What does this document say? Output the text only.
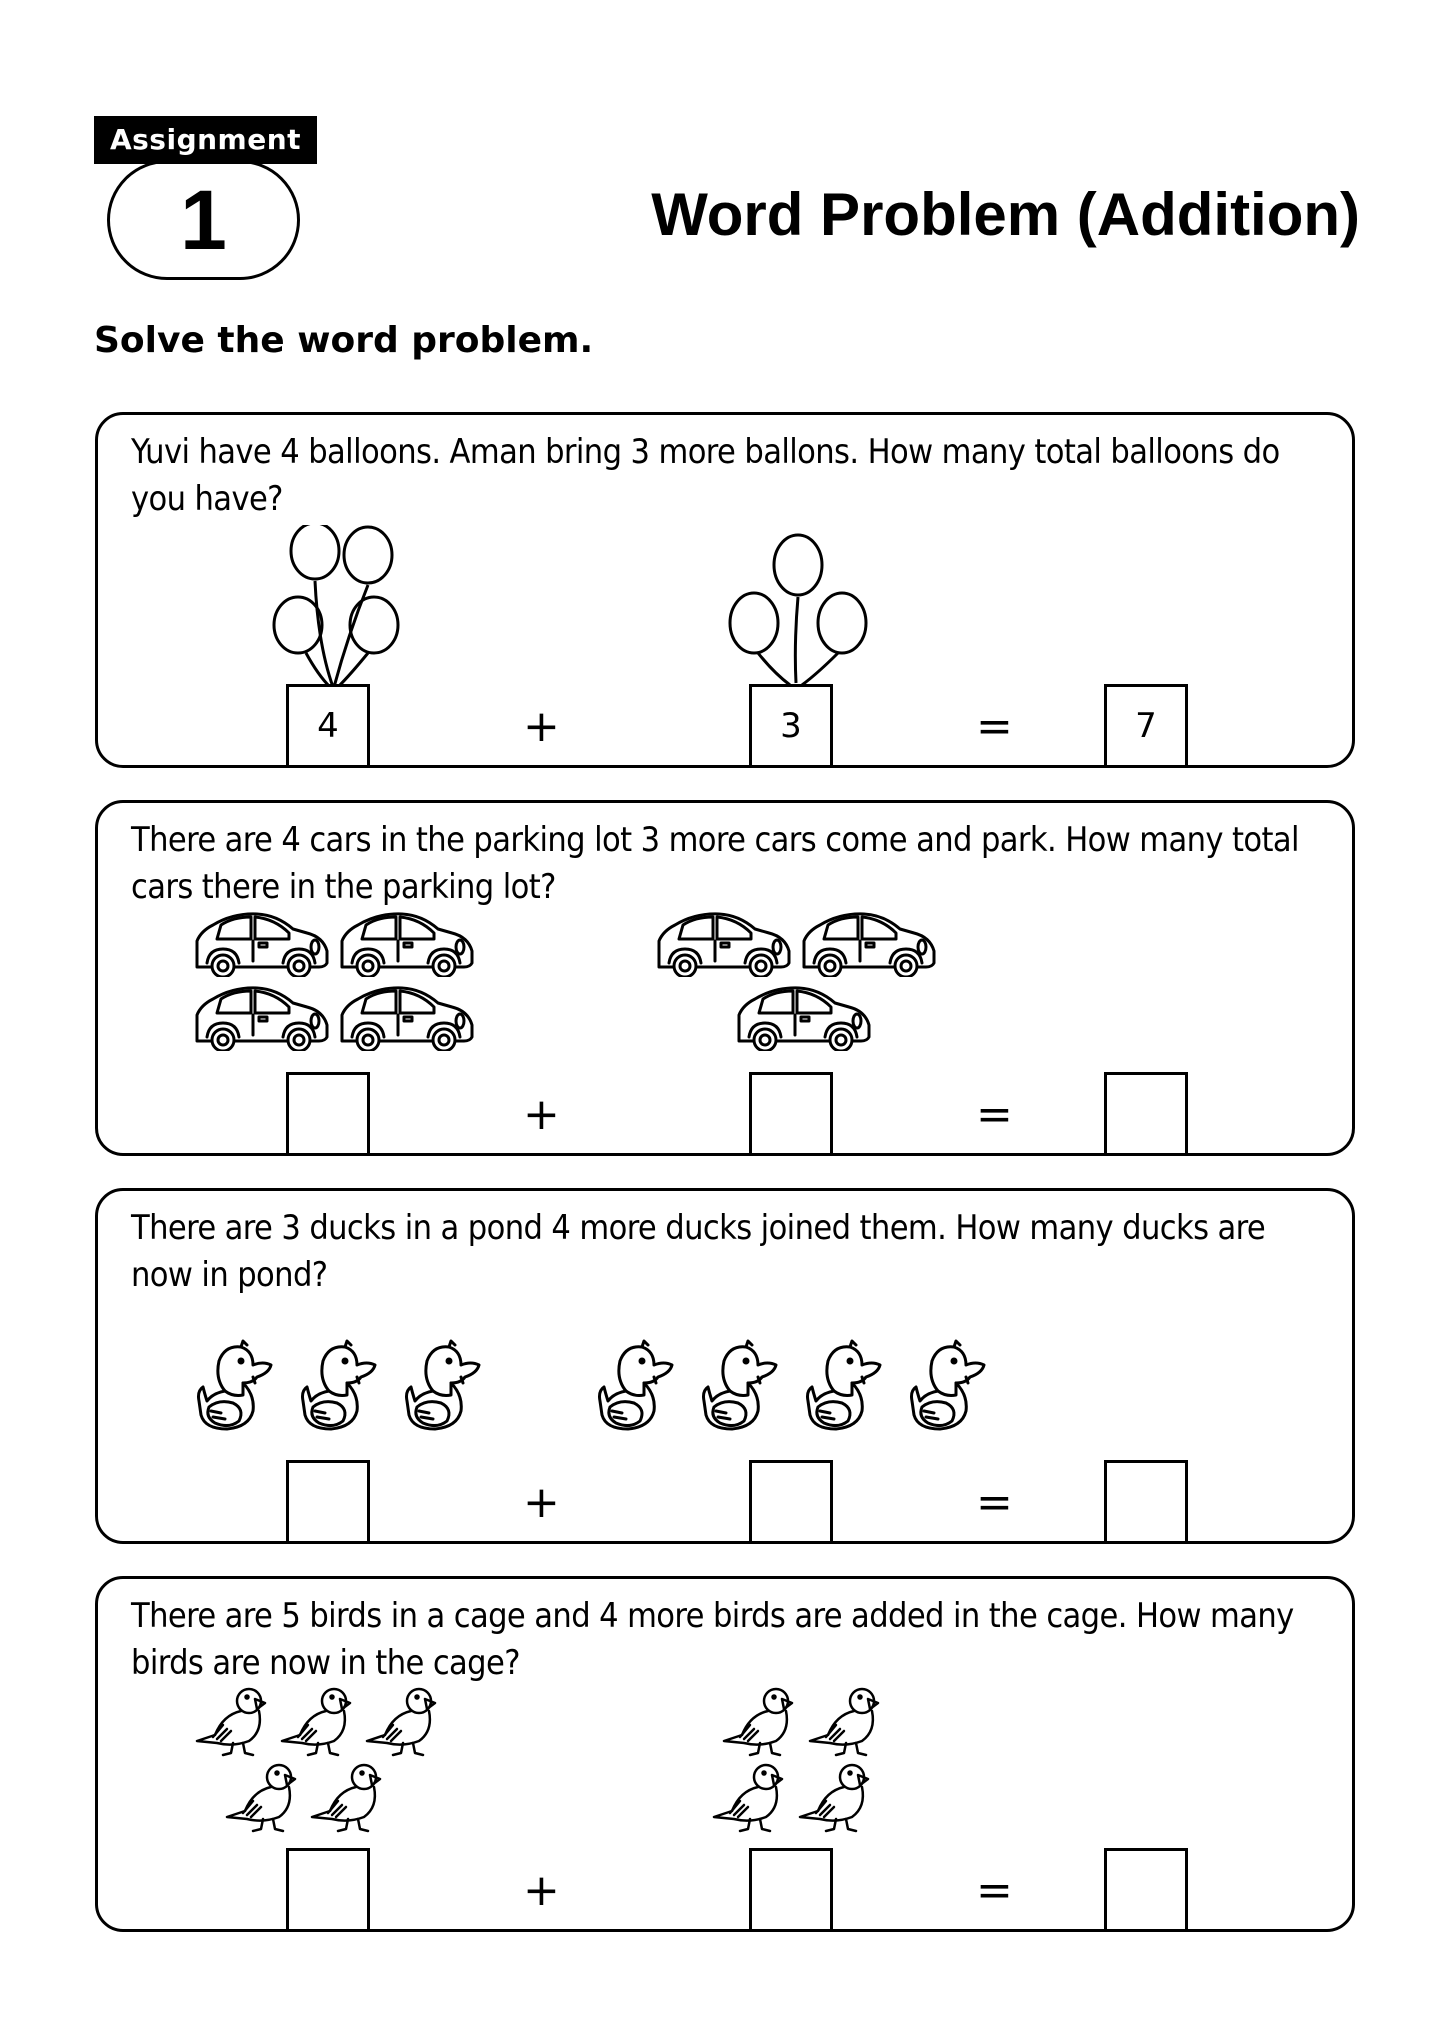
1
Assignment
Word Problem (Addition)
Solve the word problem.
Yuvi have 4 balloons. Aman bring 3 more ballons. How many total balloons do you have?
4	+	3	=	7
There are 4 cars in the parking lot 3 more cars come and park. How many total cars there in the parking lot?
+	=
There are 3 ducks in a pond 4 more ducks joined them. How many ducks are now in pond?
+	=
There are 5 birds in a cage and 4 more birds are added in the cage. How many birds are now in the cage?
+	=
